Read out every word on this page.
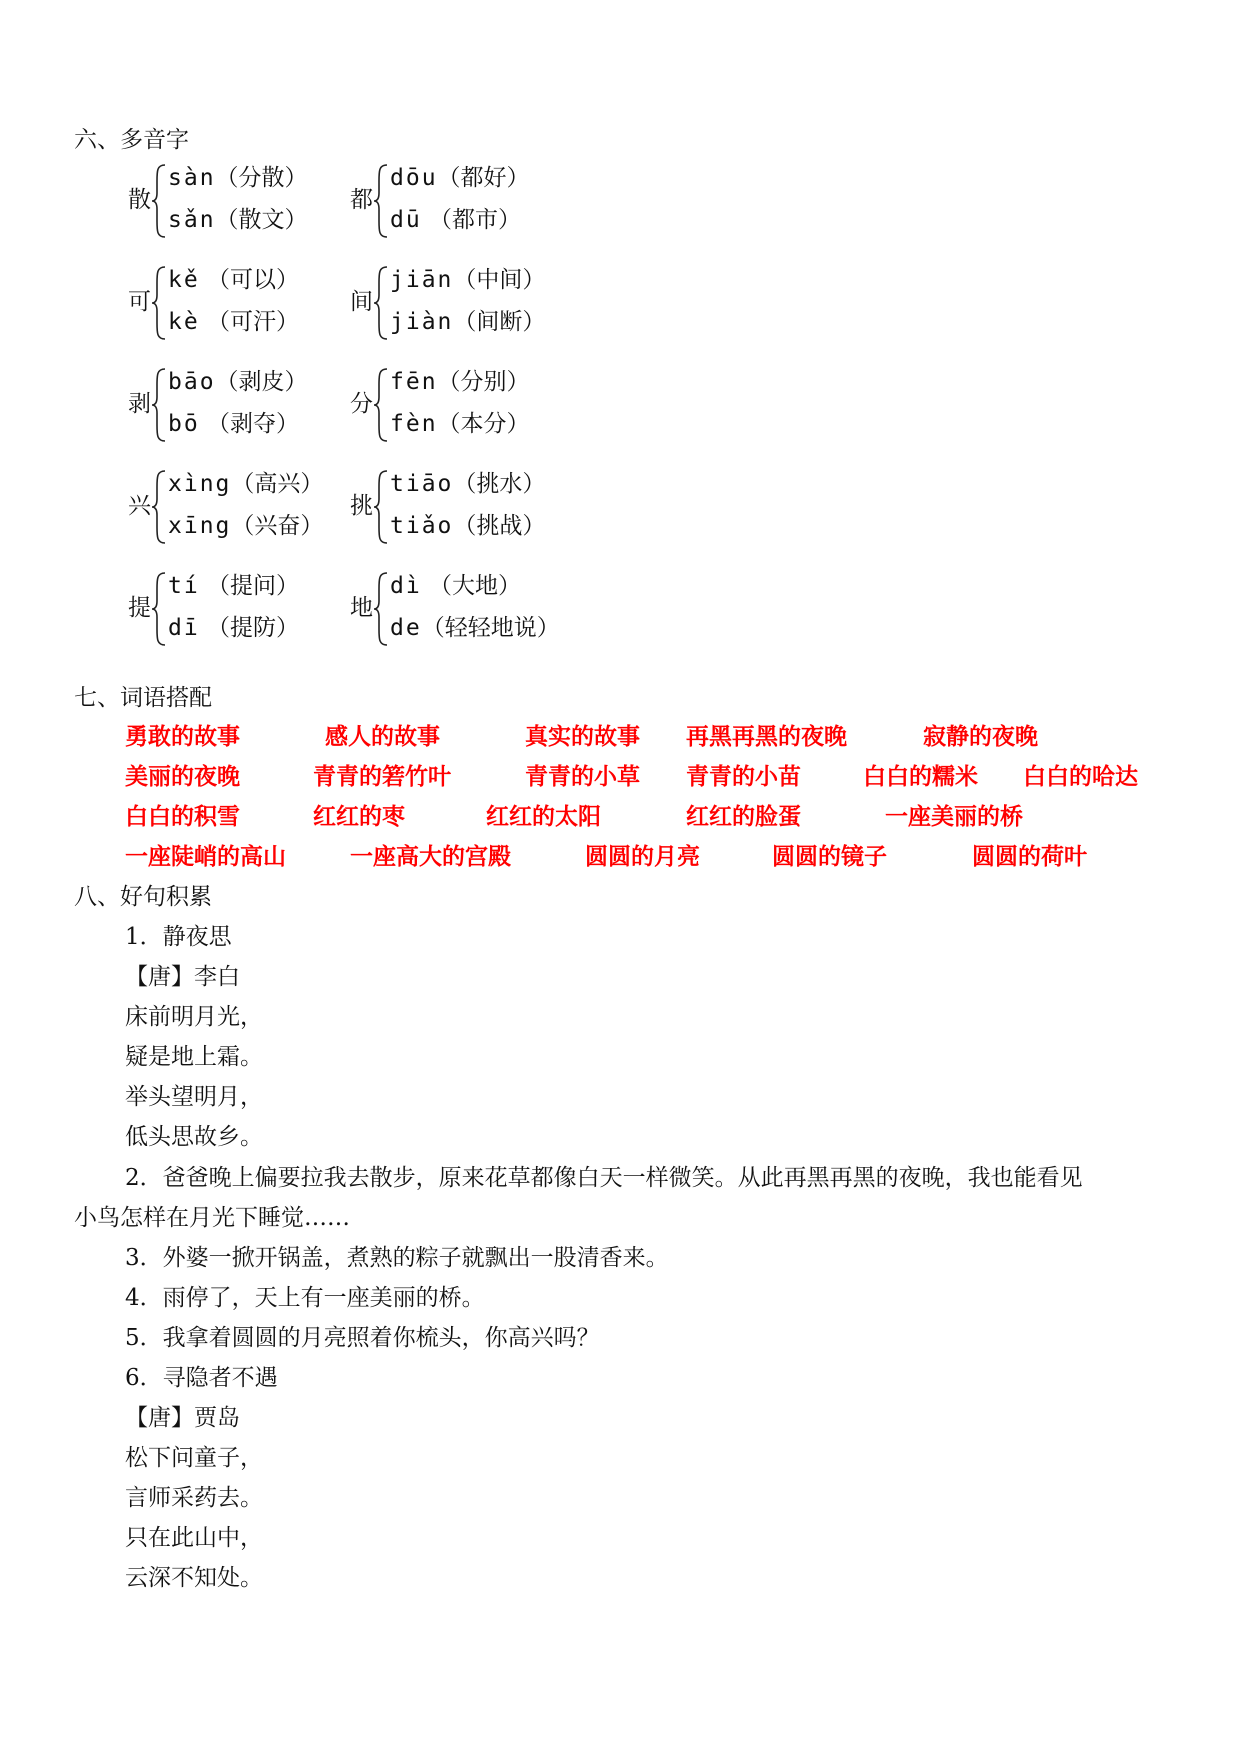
六、多音字
散
sàn（分散）
sǎn（散文）
都
dōu（都好）
dū （都市）
可
kě （可以）
kè （可汗）
间
jiān（中间）
jiàn（间断）
剥
bāo（剥皮）
bō （剥夺）
分
fēn（分别）
fèn（本分）
兴
xìng（高兴）
xīng（兴奋）
挑
tiāo（挑水）
tiǎo（挑战）
提
tí （提问）
dī （提防）
地
dì （大地）
de（轻轻地说）
七、词语搭配
勇敢的故事	感人的故事	真实的故事 再黑再黑的夜晚	寂静的夜晚
美丽的夜晚	青青的箬竹叶	青青的小草 青青的小苗	白白的糯米 白白的哈达
白白的积雪	红红的枣	红红的太阳	红红的脸蛋	一座美丽的桥
一座陡峭的高山	一座高大的宫殿	圆圆的月亮	圆圆的镜子	圆圆的荷叶
八、好句积累
1．静夜思
【唐】李白
床前明月光，
疑是地上霜。
举头望明月，
低头思故乡。
2．爸爸晚上偏要拉我去散步，原来花草都像白天一样微笑。从此再黑再黑的夜晚，我也能看见
小鸟怎样在月光下睡觉……
3．外婆一掀开锅盖，煮熟的粽子就飘出一股清香来。
4．雨停了，天上有一座美丽的桥。
5．我拿着圆圆的月亮照着你梳头，你高兴吗？
6．寻隐者不遇
【唐】贾岛
松下问童子，
言师采药去。
只在此山中，
云深不知处。
